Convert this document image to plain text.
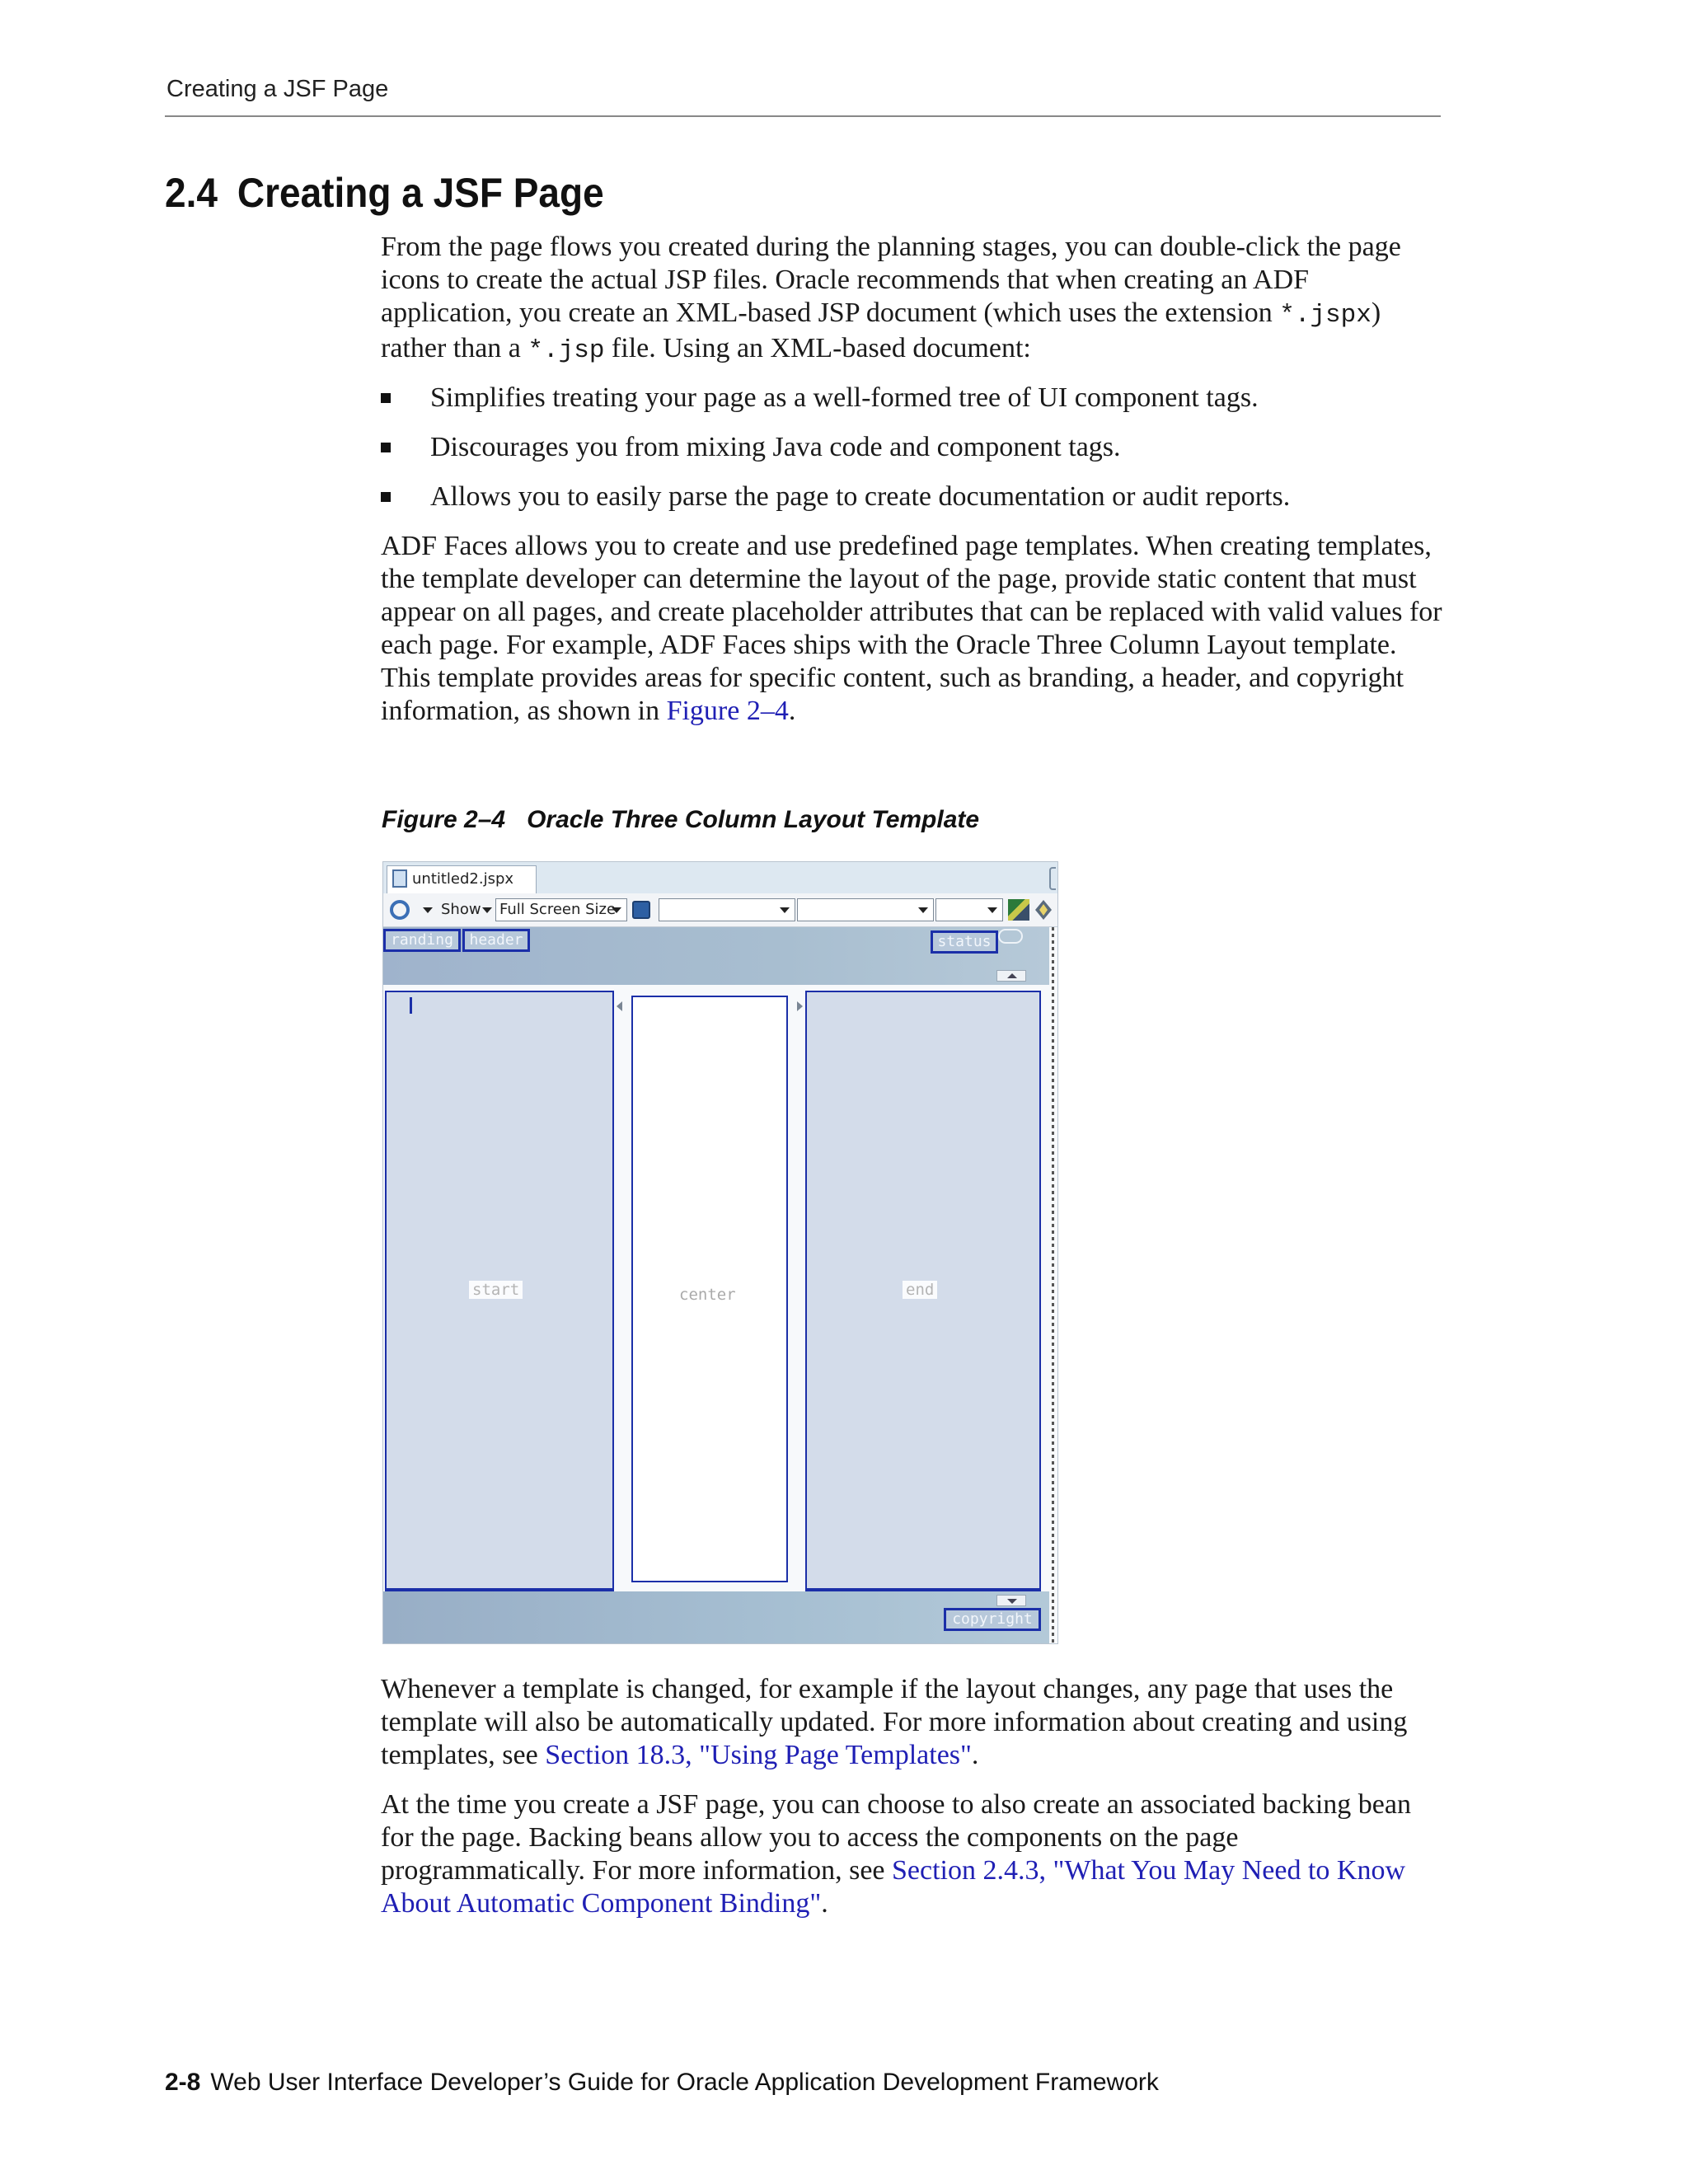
Creating a JSF Page
2.4 Creating a JSF Page

From the page flows you created during the planning stages, you can double-click the page icons to create the actual JSP files. Oracle recommends that when creating an ADF application, you create an XML-based JSP document (which uses the extension *.jspx) rather than a *.jsp file. Using an XML-based document:

Simplifies treating your page as a well-formed tree of UI component tags.
Discourages you from mixing Java code and component tags.
Allows you to easily parse the page to create documentation or audit reports.

ADF Faces allows you to create and use predefined page templates. When creating templates, the template developer can determine the layout of the page, provide static content that must appear on all pages, and create placeholder attributes that can be replaced with valid values for each page. For example, ADF Faces ships with the Oracle Three Column Layout template. This template provides areas for specific content, such as branding, a header, and copyright information, as shown in Figure 2–4.

Figure 2–4 Oracle Three Column Layout Template
untitled2.jspx
Show Full Screen Size
randing	header	status
start	center	end
copyright

Whenever a template is changed, for example if the layout changes, any page that uses the template will also be automatically updated. For more information about creating and using templates, see Section 18.3, "Using Page Templates".

At the time you create a JSF page, you can choose to also create an associated backing bean for the page. Backing beans allow you to access the components on the page programmatically. For more information, see Section 2.4.3, "What You May Need to Know About Automatic Component Binding".

2-8 Web User Interface Developer’s Guide for Oracle Application Development Framework
